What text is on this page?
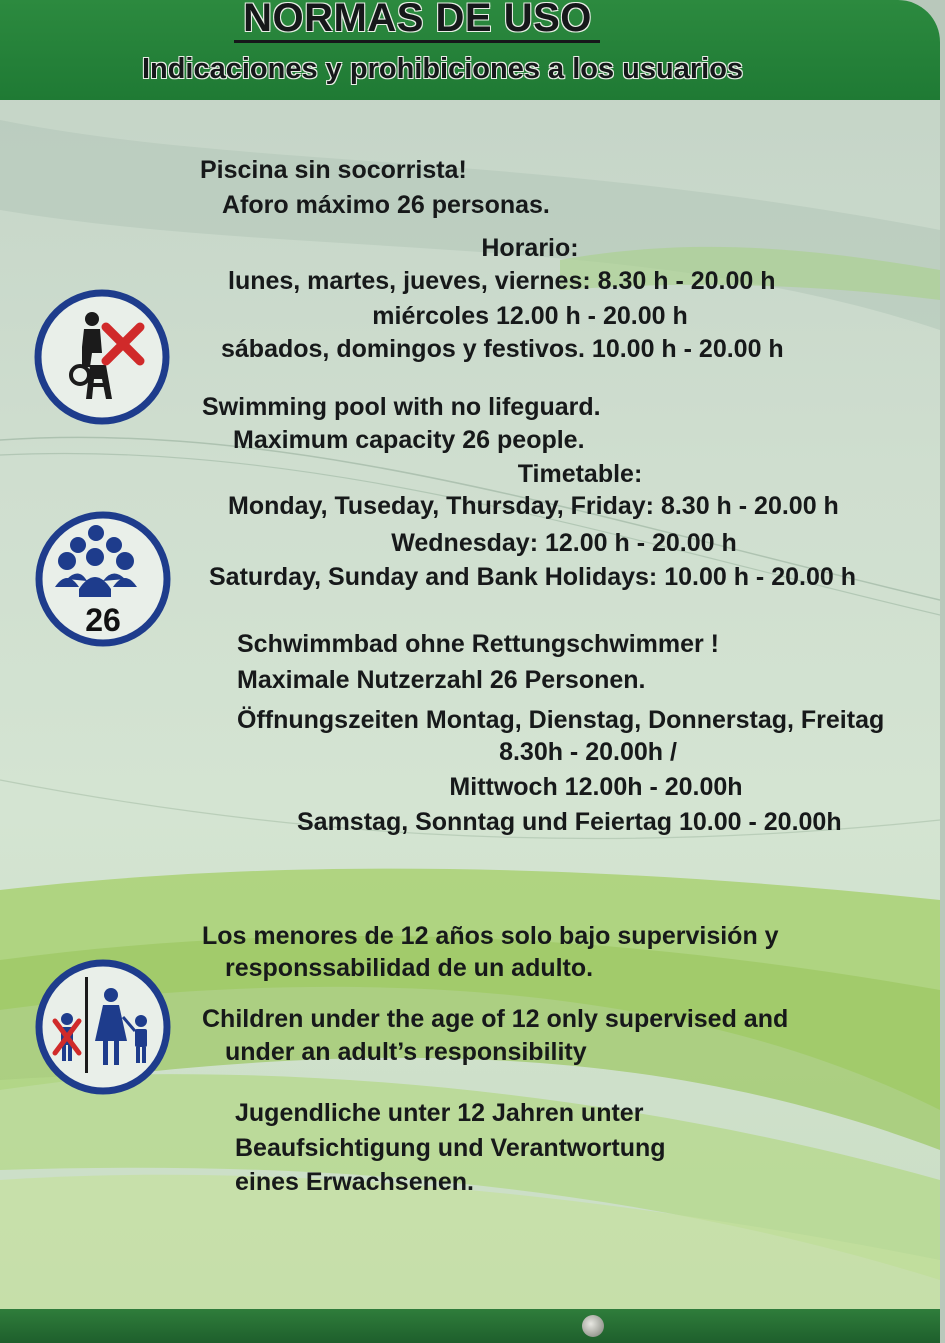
NORMAS DE USO
Indicaciones y prohibiciones a los usuarios
26
Piscina sin socorrista!
Aforo máximo 26 personas.
Horario:
lunes, martes, jueves, viernes: 8.30 h - 20.00 h
miércoles 12.00 h - 20.00 h
sábados, domingos y festivos. 10.00 h - 20.00 h
Swimming pool with no lifeguard.
Maximum capacity 26 people.
Timetable:
Monday, Tuseday, Thursday, Friday: 8.30 h - 20.00 h
Wednesday: 12.00 h - 20.00 h
Saturday, Sunday and Bank Holidays: 10.00 h - 20.00 h
Schwimmbad ohne Rettungschwimmer !
Maximale Nutzerzahl 26 Personen.
Öffnungszeiten Montag, Dienstag, Donnerstag, Freitag
8.30h - 20.00h /
Mittwoch 12.00h - 20.00h
Samstag, Sonntag und Feiertag 10.00 - 20.00h
Los menores de 12 años solo bajo supervisión y
responssabilidad de un adulto.
Children under the age of 12 only supervised and
under an adult’s responsibility
Jugendliche unter 12 Jahren unter
Beaufsichtigung und Verantwortung
eines Erwachsenen.
